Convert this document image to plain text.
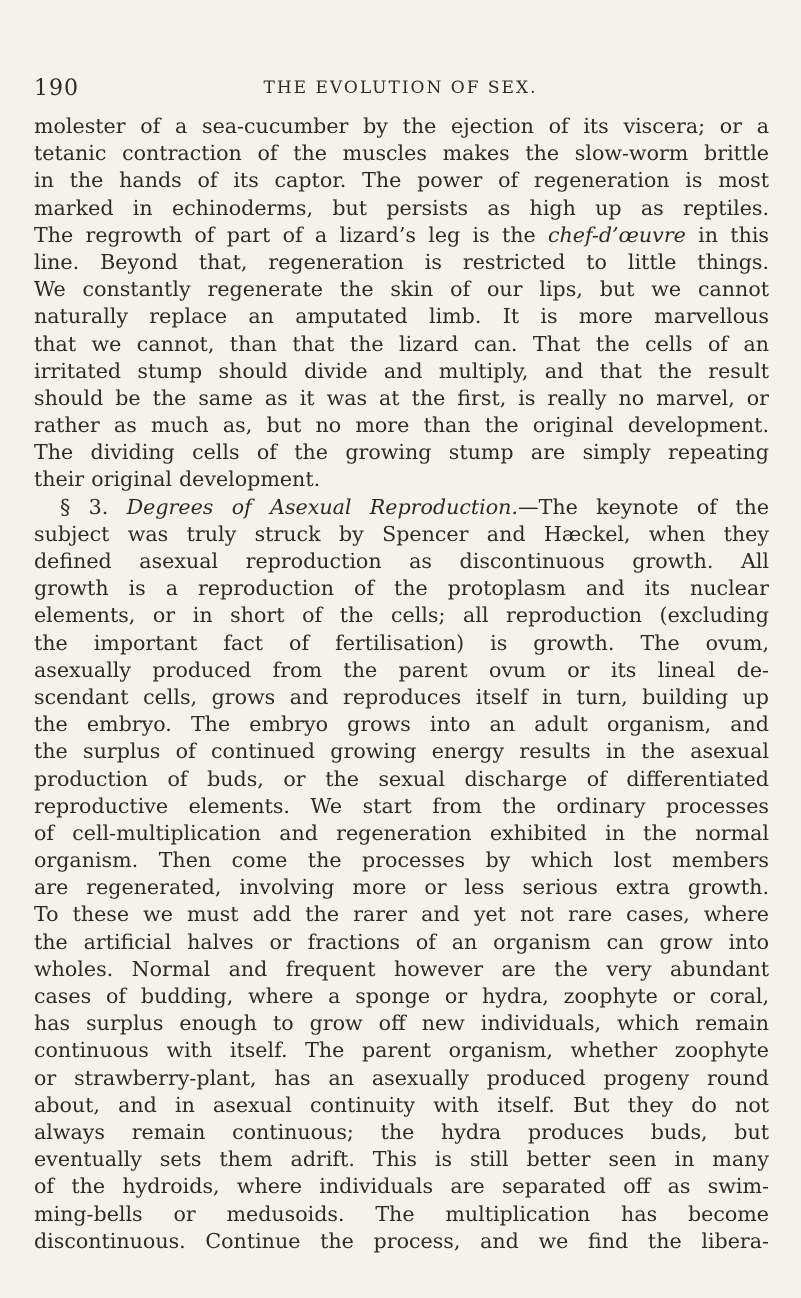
190	THE EVOLUTION OF SEX.
molester of a sea-cucumber by the ejection of its viscera; or a
tetanic contraction of the muscles makes the slow-worm brittle
in the hands of its captor. The power of regeneration is most
marked in echinoderms, but persists as high up as reptiles.
The regrowth of part of a lizard’s leg is the chef-d’œuvre in this
line. Beyond that, regeneration is restricted to little things.
We constantly regenerate the skin of our lips, but we cannot
naturally replace an amputated limb. It is more marvellous
that we cannot, than that the lizard can. That the cells of an
irritated stump should divide and multiply, and that the result
should be the same as it was at the first, is really no marvel, or
rather as much as, but no more than the original development.
The dividing cells of the growing stump are simply repeating
their original development.
§ 3. Degrees of Asexual Reproduction.—The keynote of the
subject was truly struck by Spencer and Hæckel, when they
defined asexual reproduction as discontinuous growth. All
growth is a reproduction of the protoplasm and its nuclear
elements, or in short of the cells; all reproduction (excluding
the important fact of fertilisation) is growth. The ovum,
asexually produced from the parent ovum or its lineal de-
scendant cells, grows and reproduces itself in turn, building up
the embryo. The embryo grows into an adult organism, and
the surplus of continued growing energy results in the asexual
production of buds, or the sexual discharge of differentiated
reproductive elements. We start from the ordinary processes
of cell-multiplication and regeneration exhibited in the normal
organism. Then come the processes by which lost members
are regenerated, involving more or less serious extra growth.
To these we must add the rarer and yet not rare cases, where
the artificial halves or fractions of an organism can grow into
wholes. Normal and frequent however are the very abundant
cases of budding, where a sponge or hydra, zoophyte or coral,
has surplus enough to grow off new individuals, which remain
continuous with itself. The parent organism, whether zoophyte
or strawberry-plant, has an asexually produced progeny round
about, and in asexual continuity with itself. But they do not
always remain continuous; the hydra produces buds, but
eventually sets them adrift. This is still better seen in many
of the hydroids, where individuals are separated off as swim-
ming-bells or medusoids. The multiplication has become
discontinuous. Continue the process, and we find the libera-
